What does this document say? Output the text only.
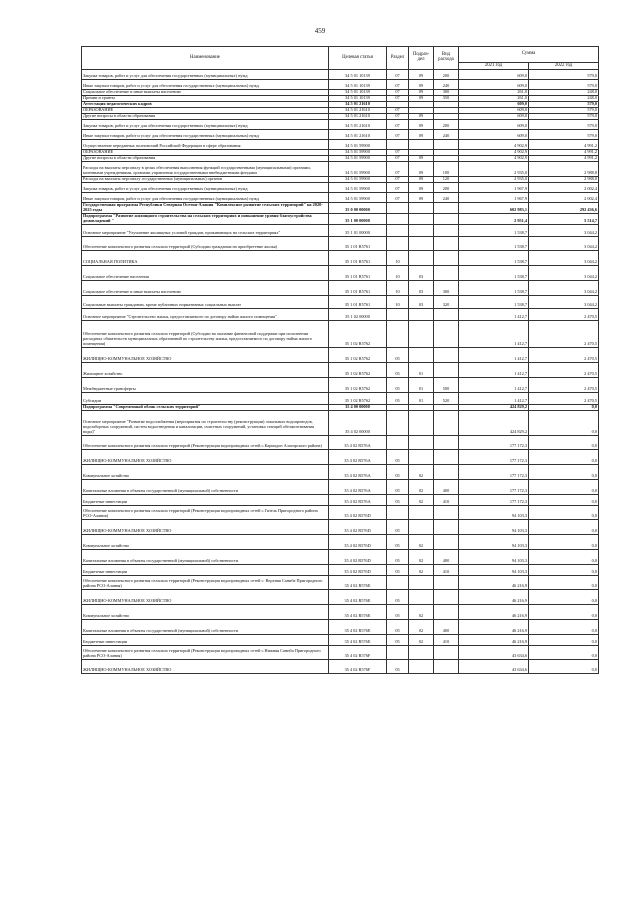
459
Наименование	Целевая статья	Раздел	Подраз-
дел	Вид расхода	Сумма	
					2021 год	2022 год
Закупка товаров, работ и услуг для обеспечения государственных (муниципальных) нужд	34 5 01 10139	07	09	200	609,0	579,0
Иные закупки товаров, работ и услуг для обеспечения государственных (муниципальных) нужд	34 5 01 10139	07	09	240	609,0	579,0
Социальное обеспечение и иные выплаты населению	34 5 01 10139	07	09	300	261,0	248,0
Премии и гранты	34 5 01 10139	07	09	350	261,0	248,0
Аттестация педагогических кадров	34 5 01 21610				609,0	579,0
ОБРАЗОВАНИЕ	34 5 01 21610	07			609,0	579,0
Другие вопросы в области образования	34 5 01 21610	07	09		609,0	579,0
Закупка товаров, работ и услуг для обеспечения государственных (муниципальных) нужд	34 5 01 21610	07	09	200	609,0	579,0
Иные закупки товаров, работ и услуг для обеспечения государственных (муниципальных) нужд	34 5 01 21610	07	09	240	609,0	579,0
Осуществление переданных полномочий Российской Федерации в сфере образования	34 5 01 59900				4 902,9	4 991,2
ОБРАЗОВАНИЕ	34 5 01 59900	07			4 902,9	4 991,2
Другие вопросы в области образования	34 5 01 59900	07	09		4 902,9	4 991,2
Расходы на выплаты персоналу в целях обеспечения выполнения функций государственными (муниципальными) органами, казенными учреждениями, органами управления государственными внебюджетными фондами	34 5 01 59900	07	09	100	2 935,0	2 988,8
Расходы на выплаты персоналу государственных (муниципальных) органов	34 5 01 59900	07	09	120	2 935,0	2 988,8
Закупка товаров, работ и услуг для обеспечения государственных (муниципальных) нужд	34 5 01 59900	07	09	200	1 967,9	2 002,4
Иные закупки товаров, работ и услуг для обеспечения государственных (муниципальных) нужд	34 5 01 59900	07	09	240	1 967,9	2 002,4
Государственная программа Республики Северная Осетия-Алания "Комплексное развитие сельских территорий" на 2020-2025 годы	35 0 00 00000				602 983,1	292 436,6
Подпрограмма "Развитие жилищного строительства на сельских территориях и повышение уровня благоустройства домовладений "	35 1 00 00000				2 951,4	5 514,7
Основное мероприятие "Улучшение жилищных условий граждан, проживающих на сельских территориях"	35 1 01 00000				1 538,7	3 044,2
Обеспечение комплексного развития сельских территорий (Субсидии гражданам на приобретение жилья)	35 1 01 R5761				1 538,7	3 044,2
СОЦИАЛЬНАЯ ПОЛИТИКА	35 1 01 R5761	10			1 538,7	3 044,2
Социальное обеспечение населения	35 1 01 R5761	10	03		1 538,7	3 044,2
Социальное обеспечение и иные выплаты населению	35 1 01 R5761	10	03	300	1 538,7	3 044,2
Социальные выплаты гражданам, кроме публичных нормативных социальных выплат	35 1 01 R5761	10	03	320	1 538,7	3 044,2
Основное мероприятие "Строительство жилья, предоставляемого по договору найма жилого помещения"	35 1 02 00000				1 412,7	2 470,5
Обеспечение комплексного развития сельских территорий (Субсидии на оказание финансовой поддержки при исполнении расходных обязательств муниципальных образований по строительству жилья, предоставляемого по договору найма жилого помещения)	35 1 02 R5762				1 412,7	2 470,5
ЖИЛИЩНО-КОММУНАЛЬНОЕ ХОЗЯЙСТВО	35 1 02 R5762	05			1 412,7	2 470,5
Жилищное хозяйство	35 1 02 R5762	05	01		1 412,7	2 470,5
Межбюджетные трансферты	35 1 02 R5762	05	01	500	1 412,7	2 470,5
Субсидии	35 1 02 R5762	05	01	520	1 412,7	2 470,5
Подпрограмма "Современный облик сельских территорий"	35 4 00 00000				424 829,2	0,0
Основное мероприятие "Развитие водоснабжения (мероприятия по строительству (реконструкции) локальных водопроводов, водозаборных сооружений, систем водоотведения и канализации, очистных сооружений, установка станций обезжелезивания воды)"	35 4 02 00000				424 829,2	0,0
Обеспечение комплексного развития сельских территорий (Реконструкция водопроводных сетей с.Кармадон Алагирского района)	35 4 02 R576A				177 172,3	0,0
ЖИЛИЩНО-КОММУНАЛЬНОЕ ХОЗЯЙСТВО	35 4 02 R576A	05			177 172,3	0,0
Коммунальное хозяйство	35 4 02 R576A	05	02		177 172,3	0,0
Капитальные вложения в объекты государственной (муниципальной) собственности	35 4 02 R576A	05	02	400	177 172,3	0,0
Бюджетные инвестиции	35 4 02 R576A	05	02	410	177 172,3	0,0
Обеспечение комплексного развития сельских территорий (Реконструкция водопроводных сетей с.Гизель Пригородного района РСО-Алания)	35 4 02 R576D				94 103,3	0,0
ЖИЛИЩНО-КОММУНАЛЬНОЕ ХОЗЯЙСТВО	35 4 02 R576D	05			94 103,3	0,0
Коммунальное хозяйство	35 4 02 R576D	05	02		94 103,3	0,0
Капитальные вложения в объекты государственной (муниципальной) собственности	35 4 02 R576D	05	02	400	94 103,3	0,0
Бюджетные инвестиции	35 4 02 R576D	05	02	410	94 103,3	0,0
Обеспечение комплексного развития сельских территорий (Реконструкция водопроводных сетей с. Верхняя Саниба Пригородного района РСО-Алания)	35 4 02 R576E				46 216,9	0,0
ЖИЛИЩНО-КОММУНАЛЬНОЕ ХОЗЯЙСТВО	35 4 02 R576E	05			46 216,9	0,0
Коммунальное хозяйство	35 4 02 R576E	05	02		46 216,9	0,0
Капитальные вложения в объекты государственной (муниципальной) собственности	35 4 02 R576E	05	02	400	46 216,9	0,0
Бюджетные инвестиции	35 4 02 R576E	05	02	410	46 216,9	0,0
Обеспечение комплексного развития сельских территорий (Реконструкция водопроводных сетей с.Нижняя Саниба Пригородного района РСО-Алания)	35 4 02 R576F				43 634,6	0,0
ЖИЛИЩНО-КОММУНАЛЬНОЕ ХОЗЯЙСТВО	35 4 02 R576F	05			43 634,6	0,0
